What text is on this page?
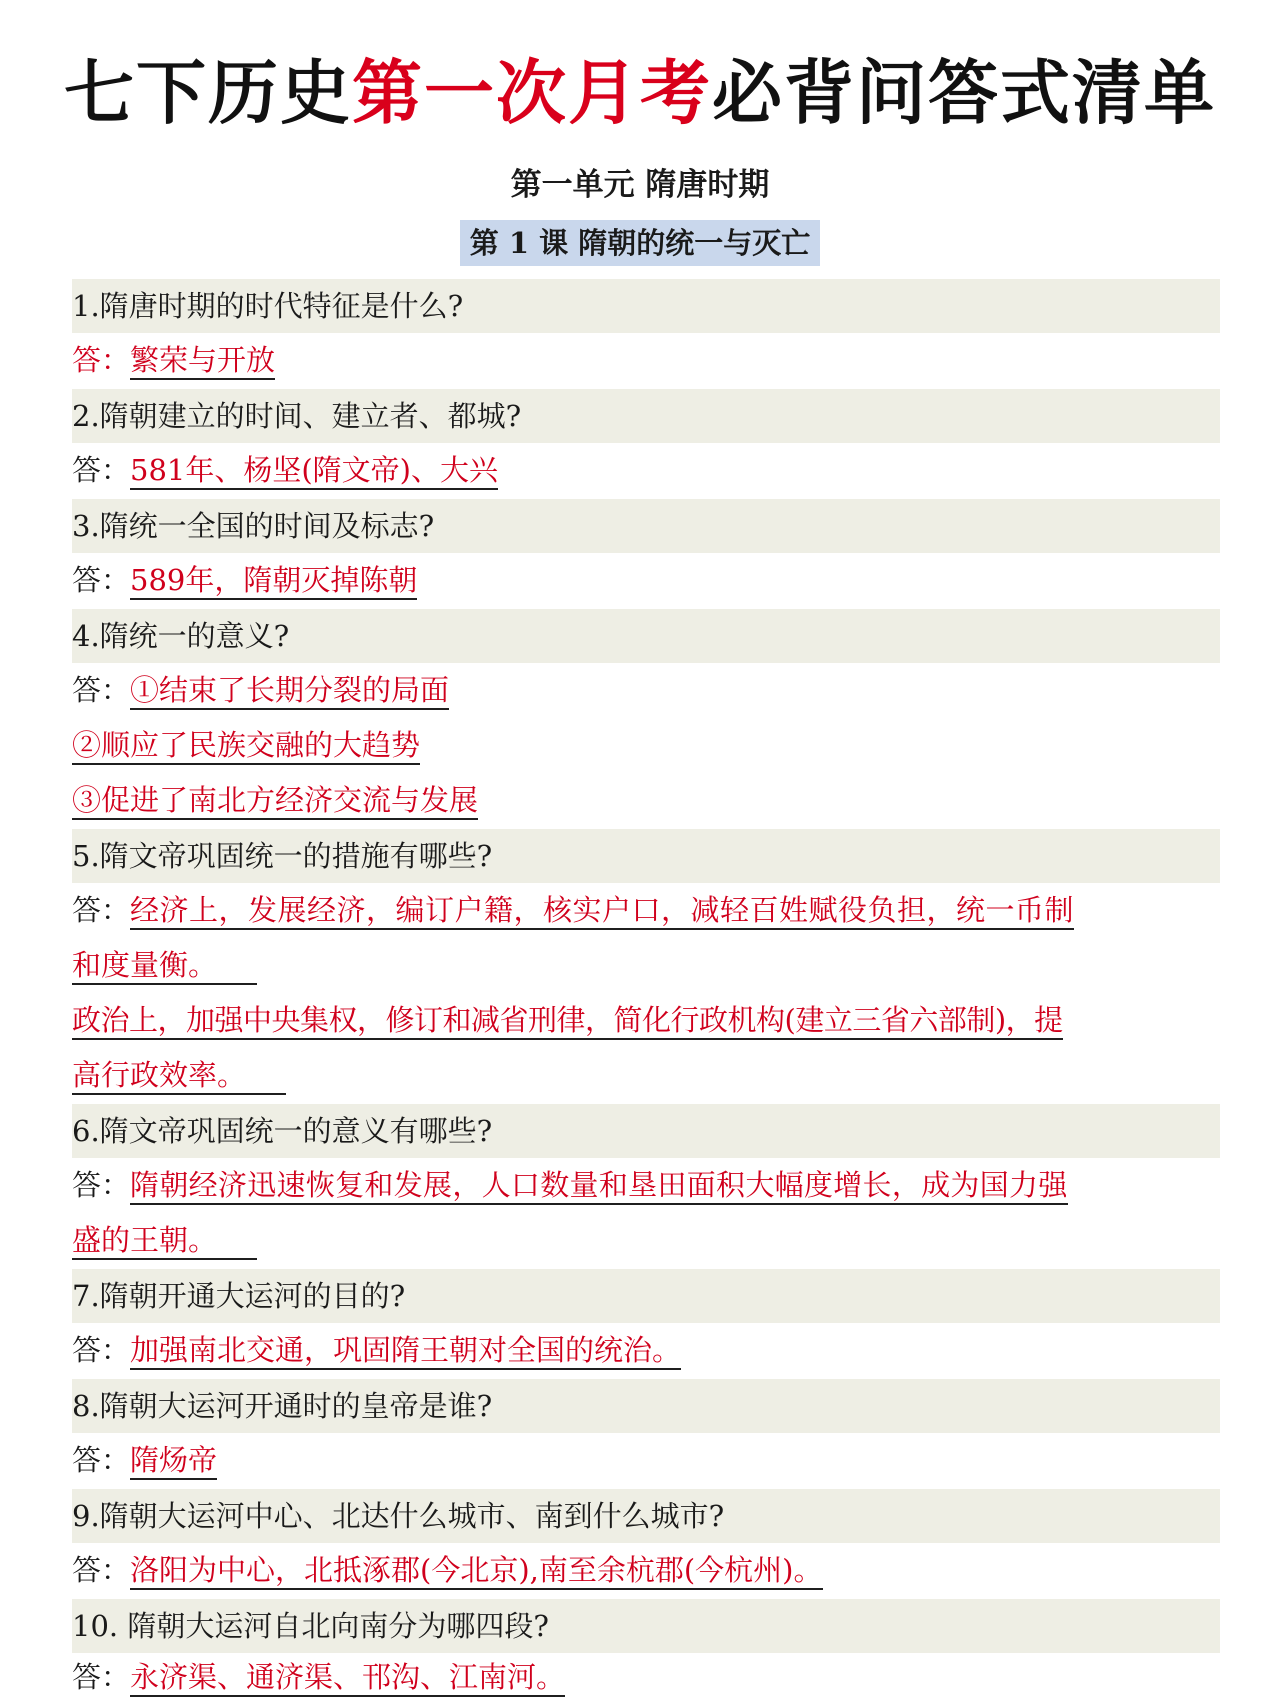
七下历史第一次月考必背问答式清单
第一单元 隋唐时期
第 1 课 隋朝的统一与灭亡
1.隋唐时期的时代特征是什么?
答：繁荣与开放
2.隋朝建立的时间、建立者、都城?
答：581年、杨坚(隋文帝)、大兴
3.隋统一全国的时间及标志?
答：589年，隋朝灭掉陈朝
4.隋统一的意义?
答：①结束了长期分裂的局面
②顺应了民族交融的大趋势
③促进了南北方经济交流与发展
5.隋文帝巩固统一的措施有哪些?
答：经济上，发展经济，编订户籍，核实户口，减轻百姓赋役负担，统一币制
和度量衡。
政治上，加强中央集权，修订和减省刑律，简化行政机构(建立三省六部制)，提
高行政效率。
6.隋文帝巩固统一的意义有哪些?
答：隋朝经济迅速恢复和发展，人口数量和垦田面积大幅度增长，成为国力强
盛的王朝。
7.隋朝开通大运河的目的?
答：加强南北交通，巩固隋王朝对全国的统治。
8.隋朝大运河开通时的皇帝是谁?
答：隋炀帝
9.隋朝大运河中心、北达什么城市、南到什么城市?
答：洛阳为中心，北抵涿郡(今北京),南至余杭郡(今杭州)。
10. 隋朝大运河自北向南分为哪四段?
答：永济渠、通济渠、邗沟、江南河。
